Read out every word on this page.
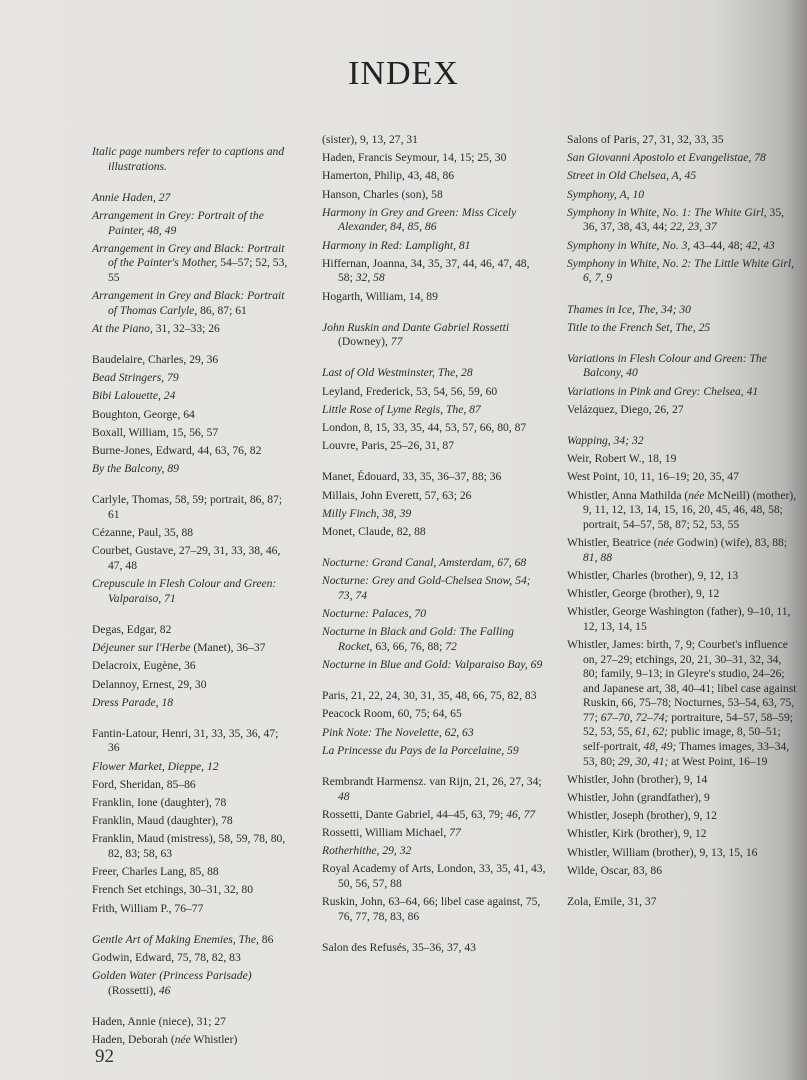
INDEX
Italic page numbers refer to captions and illustrations.
Annie Haden, 27
Arrangement in Grey: Portrait of the Painter, 48, 49
Arrangement in Grey and Black: Portrait of the Painter's Mother, 54–57; 52, 53, 55
Arrangement in Grey and Black: Portrait of Thomas Carlyle, 86, 87; 61
At the Piano, 31, 32–33; 26
Baudelaire, Charles, 29, 36
Bead Stringers, 79
Bibi Lalouette, 24
Boughton, George, 64
Boxall, William, 15, 56, 57
Burne-Jones, Edward, 44, 63, 76, 82
By the Balcony, 89
Carlyle, Thomas, 58, 59; portrait, 86, 87; 61
Cézanne, Paul, 35, 88
Courbet, Gustave, 27–29, 31, 33, 38, 46, 47, 48
Crepuscule in Flesh Colour and Green: Valparaiso, 71
Degas, Edgar, 82
Déjeuner sur l'Herbe (Manet), 36–37
Delacroix, Eugène, 36
Delannoy, Ernest, 29, 30
Dress Parade, 18
Fantin-Latour, Henri, 31, 33, 35, 36, 47; 36
Flower Market, Dieppe, 12
Ford, Sheridan, 85–86
Franklin, Ione (daughter), 78
Franklin, Maud (daughter), 78
Franklin, Maud (mistress), 58, 59, 78, 80, 82, 83; 58, 63
Freer, Charles Lang, 85, 88
French Set etchings, 30–31, 32, 80
Frith, William P., 76–77
Gentle Art of Making Enemies, The, 86
Godwin, Edward, 75, 78, 82, 83
Golden Water (Princess Parisade) (Rossetti), 46
Haden, Annie (niece), 31; 27
Haden, Deborah (née Whistler)
(sister), 9, 13, 27, 31
Haden, Francis Seymour, 14, 15; 25, 30
Hamerton, Philip, 43, 48, 86
Hanson, Charles (son), 58
Harmony in Grey and Green: Miss Cicely Alexander, 84, 85, 86
Harmony in Red: Lamplight, 81
Hiffernan, Joanna, 34, 35, 37, 44, 46, 47, 48, 58; 32, 58
Hogarth, William, 14, 89
John Ruskin and Dante Gabriel Rossetti (Downey), 77
Last of Old Westminster, The, 28
Leyland, Frederick, 53, 54, 56, 59, 60
Little Rose of Lyme Regis, The, 87
London, 8, 15, 33, 35, 44, 53, 57, 66, 80, 87
Louvre, Paris, 25–26, 31, 87
Manet, Édouard, 33, 35, 36–37, 88; 36
Millais, John Everett, 57, 63; 26
Milly Finch, 38, 39
Monet, Claude, 82, 88
Nocturne: Grand Canal, Amsterdam, 67, 68
Nocturne: Grey and Gold-Chelsea Snow, 54; 73, 74
Nocturne: Palaces, 70
Nocturne in Black and Gold: The Falling Rocket, 63, 66, 76, 88; 72
Nocturne in Blue and Gold: Valparaiso Bay, 69
Paris, 21, 22, 24, 30, 31, 35, 48, 66, 75, 82, 83
Peacock Room, 60, 75; 64, 65
Pink Note: The Novelette, 62, 63
La Princesse du Pays de la Porcelaine, 59
Rembrandt Harmensz. van Rijn, 21, 26, 27, 34; 48
Rossetti, Dante Gabriel, 44–45, 63, 79; 46, 77
Rossetti, William Michael, 77
Rotherhithe, 29, 32
Royal Academy of Arts, London, 33, 35, 41, 43, 50, 56, 57, 88
Ruskin, John, 63–64, 66; libel case against, 75, 76, 77, 78, 83, 86
Salon des Refusés, 35–36, 37, 43
Salons of Paris, 27, 31, 32, 33, 35
San Giovanni Apostolo et Evangelistae, 78
Street in Old Chelsea, A, 45
Symphony, A, 10
Symphony in White, No. 1: The White Girl, 35, 36, 37, 38, 43, 44; 22, 23, 37
Symphony in White, No. 3, 43–44, 48; 42, 43
Symphony in White, No. 2: The Little White Girl, 6, 7, 9
Thames in Ice, The, 34; 30
Title to the French Set, The, 25
Variations in Flesh Colour and Green: The Balcony, 40
Variations in Pink and Grey: Chelsea, 41
Velázquez, Diego, 26, 27
Wapping, 34; 32
Weir, Robert W., 18, 19
West Point, 10, 11, 16–19; 20, 35, 47
Whistler, Anna Mathilda (née McNeill) (mother), 9, 11, 12, 13, 14, 15, 16, 20, 45, 46, 48, 58; portrait, 54–57, 58, 87; 52, 53, 55
Whistler, Beatrice (née Godwin) (wife), 83, 88; 81, 88
Whistler, Charles (brother), 9, 12, 13
Whistler, George (brother), 9, 12
Whistler, George Washington (father), 9–10, 11, 12, 13, 14, 15
Whistler, James: birth, 7, 9; Courbet's influence on, 27–29; etchings, 20, 21, 30–31, 32, 34, 80; family, 9–13; in Gleyre's studio, 24–26; and Japanese art, 38, 40–41; libel case against Ruskin, 66, 75–78; Nocturnes, 53–54, 63, 75, 77; 67–70, 72–74; portraiture, 54–57, 58–59; 52, 53, 55, 61, 62; public image, 8, 50–51; self-portrait, 48, 49; Thames images, 33–34, 53, 80; 29, 30, 41; at West Point, 16–19
Whistler, John (brother), 9, 14
Whistler, John (grandfather), 9
Whistler, Joseph (brother), 9, 12
Whistler, Kirk (brother), 9, 12
Whistler, William (brother), 9, 13, 15, 16
Wilde, Oscar, 83, 86
Zola, Emile, 31, 37
92
